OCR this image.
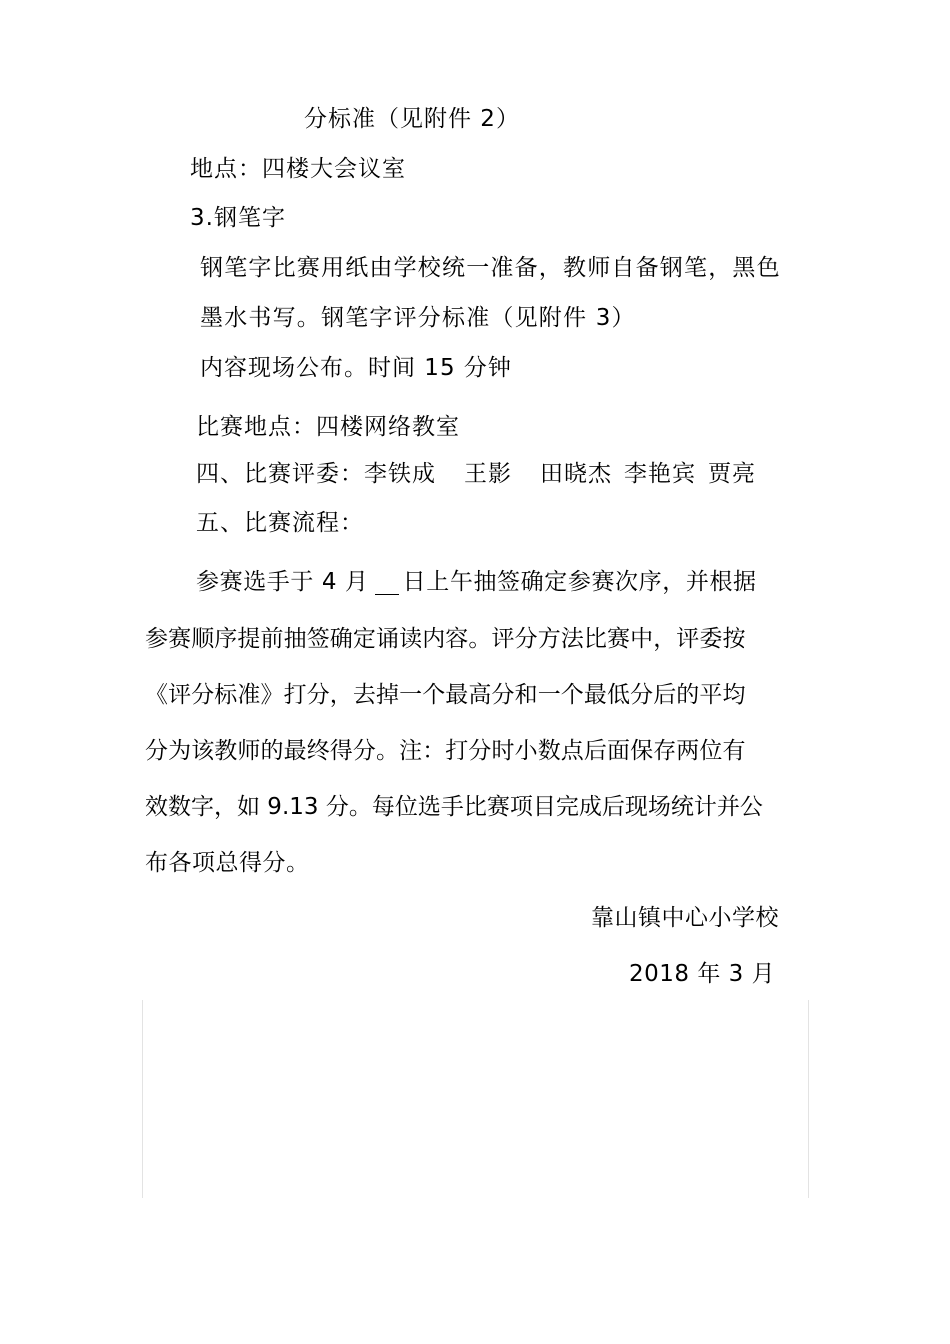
分标准（见附件 2）

地点：四楼大会议室

3.钢笔字

钢笔字比赛用纸由学校统一准备，教师自备钢笔，黑色

墨水书写。钢笔字评分标准（见附件 3）

内容现场公布。时间 15 分钟

比赛地点：四楼网络教室

四、比赛评委：李铁成 王影 田晓杰 李艳宾 贾亮

五、比赛流程：

参赛选手于 4 月 日上午抽签确定参赛次序，并根据

参赛顺序提前抽签确定诵读内容。评分方法比赛中，评委按

《评分标准》打分，去掉一个最高分和一个最低分后的平均

分为该教师的最终得分。注：打分时小数点后面保存两位有

效数字，如 9.13 分。每位选手比赛项目完成后现场统计并公

布各项总得分。

靠山镇中心小学校

2018 年 3 月
